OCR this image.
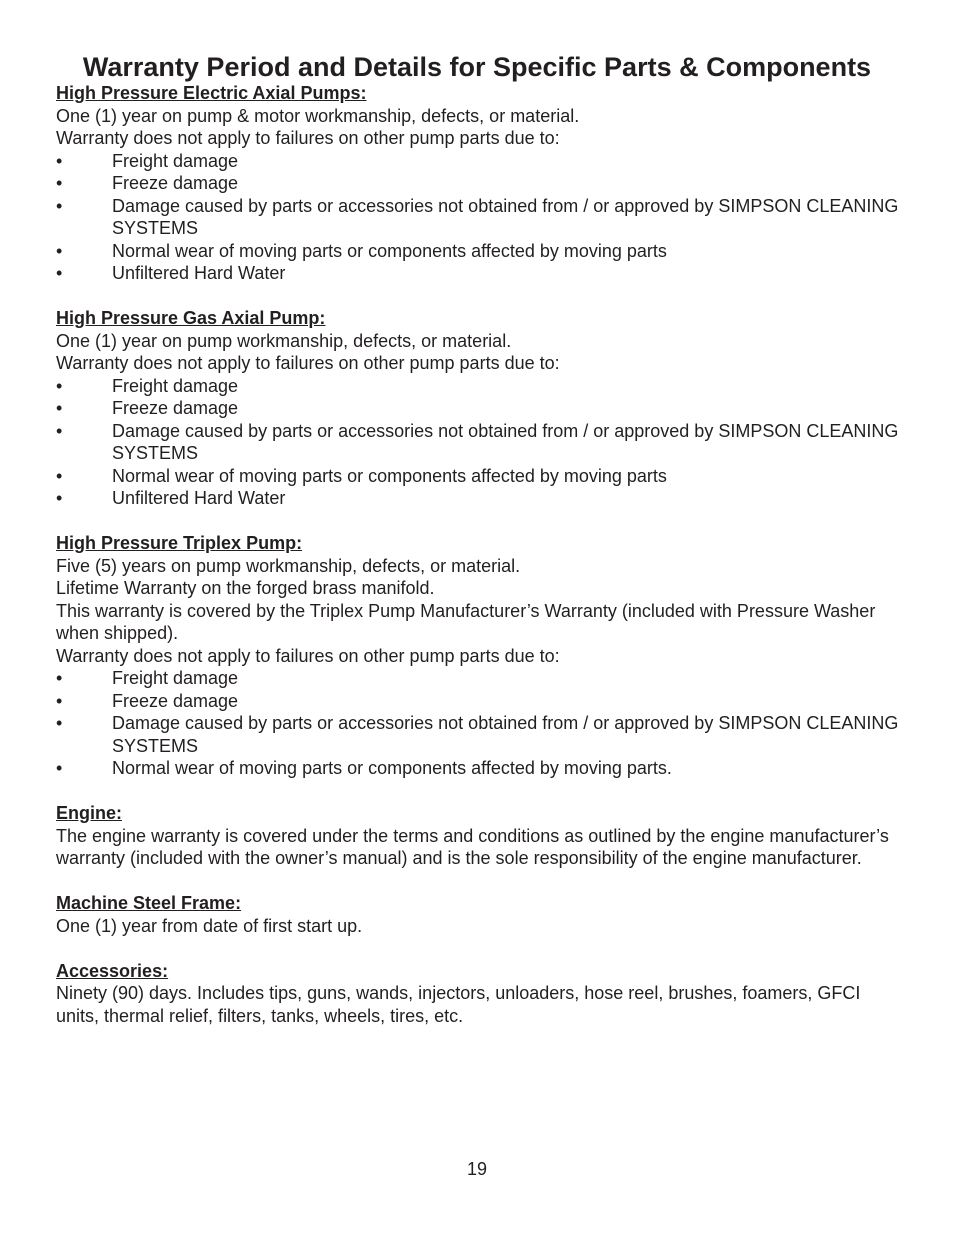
Warranty Period and Details for Specific Parts & Components

High Pressure Electric Axial Pumps:

One (1) year on pump & motor workmanship, defects, or material.

Warranty does not apply to failures on other pump parts due to:

•	Freight damage
•	Freeze damage
•	Damage caused by parts or accessories not obtained from / or approved by SIMPSON CLEANING SYSTEMS
•	Normal wear of moving parts or components affected by moving parts
•	Unfiltered Hard Water

High Pressure Gas Axial Pump:

One (1) year on pump workmanship, defects, or material.

Warranty does not apply to failures on other pump parts due to:

•	Freight damage
•	Freeze damage
•	Damage caused by parts or accessories not obtained from / or approved by SIMPSON CLEANING SYSTEMS
•	Normal wear of moving parts or components affected by moving parts
•	Unfiltered Hard Water

High Pressure Triplex Pump:

Five (5) years on pump workmanship, defects, or material.

Lifetime Warranty on the forged brass manifold.

This warranty is covered by the Triplex Pump Manufacturer’s Warranty (included with Pressure Washer when shipped).

Warranty does not apply to failures on other pump parts due to:

•	Freight damage
•	Freeze damage
•	Damage caused by parts or accessories not obtained from / or approved by SIMPSON CLEANING SYSTEMS
•	Normal wear of moving parts or components affected by moving parts.

Engine:

The engine warranty is covered under the terms and conditions as outlined by the engine manufacturer’s warranty (included with the owner’s manual) and is the sole responsibility of the engine manufacturer.

Machine Steel Frame:

One (1) year from date of first start up.

Accessories:

Ninety (90) days. Includes tips, guns, wands, injectors, unloaders, hose reel, brushes, foamers, GFCI units, thermal relief, filters, tanks, wheels, tires, etc.

19
